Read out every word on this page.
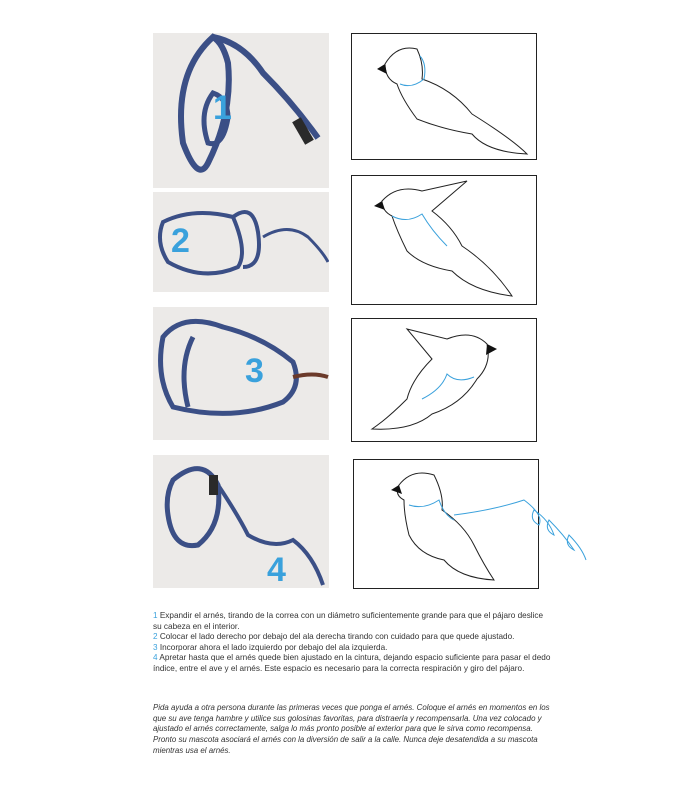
1
2
3
4

1 Expandir el arnés, tirando de la correa con un diámetro suficientemente grande para que el pájaro deslice su cabeza en el interior.

2 Colocar el lado derecho por debajo del ala derecha tirando con cuidado para que quede ajustado.

3 Incorporar ahora el lado izquierdo por debajo del ala izquierda.

4 Apretar hasta que el arnés quede bien ajustado en la cintura, dejando espacio suficiente para pasar el dedo índice, entre el ave y el arnés. Este espacio es necesario para la correcta respiración y giro del pájaro.

Pida ayuda a otra persona durante las primeras veces que ponga el arnés. Coloque el arnés en momentos en los que su ave tenga hambre y utilice sus golosinas favoritas, para distraerla y recompensarla. Una vez colocado y ajustado el arnés correctamente, salga lo más pronto posible al exterior para que le sirva como recompensa. Pronto su mascota asociará el arnés con la diversión de salir a la calle. Nunca deje desatendida a su mascota mientras usa el arnés.
